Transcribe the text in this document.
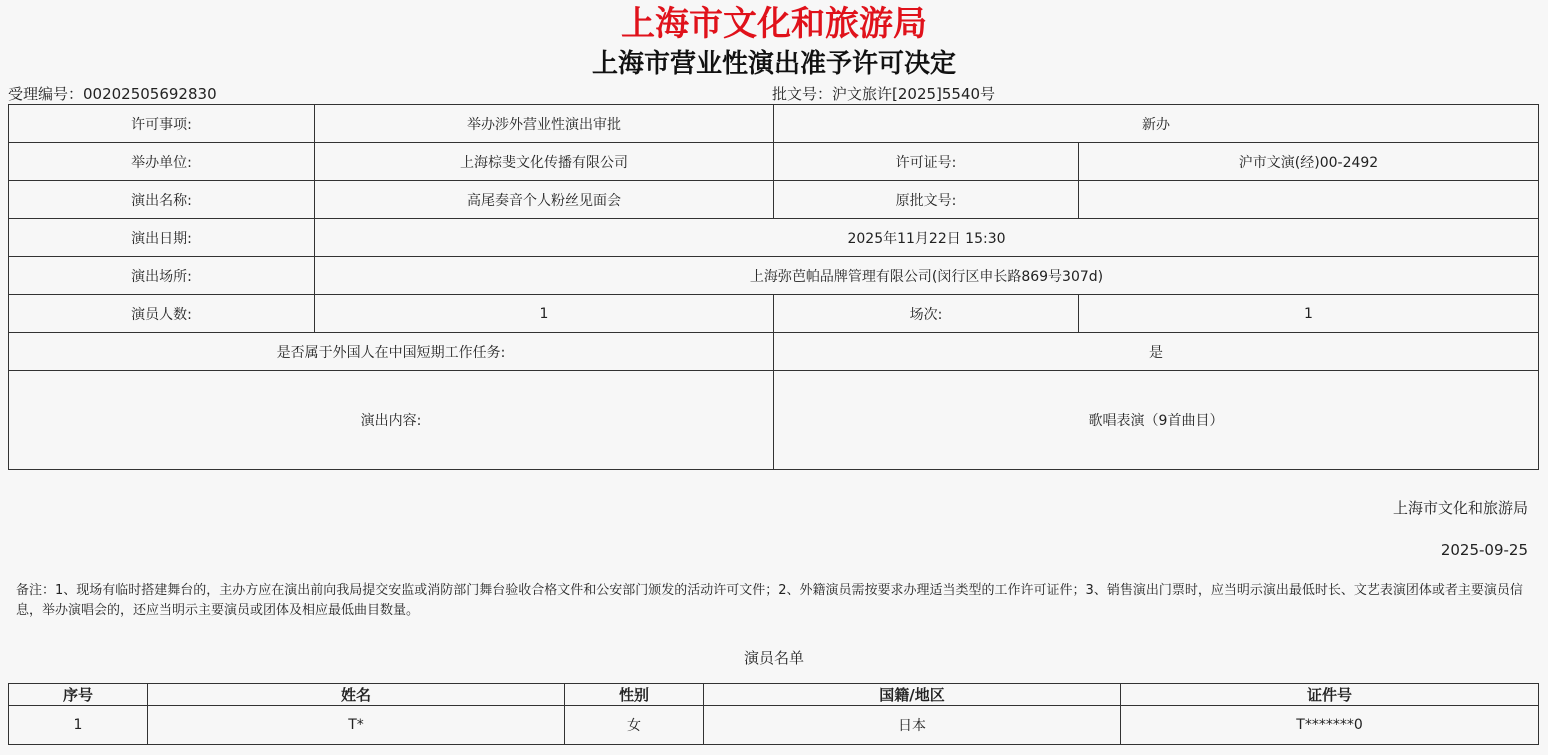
上海市文化和旅游局
上海市营业性演出准予许可决定
受理编号：00202505692830	批文号：沪文旅许[2025]5540号
许可事项:	举办涉外营业性演出审批	新办	
举办单位:	上海棕斐文化传播有限公司	许可证号:	沪市文演(经)00-2492
演出名称:	高尾奏音个人粉丝见面会	原批文号:	
演出日期:	2025年11月22日 15:30		
演出场所:	上海弥芭帕品牌管理有限公司(闵行区申长路869号307d)		
演员人数:	1	场次:	1
是否属于外国人在中国短期工作任务:		是	
演出内容:		歌唱表演（9首曲目）	
上海市文化和旅游局
2025-09-25
备注：1、现场有临时搭建舞台的，主办方应在演出前向我局提交安监或消防部门舞台验收合格文件和公安部门颁发的活动许可文件；2、外籍演员需按要求办理适当类型的工作许可证件；3、销售演出门票时，应当明示演出最低时长、文艺表演团体或者主要演员信息，举办演唱会的，还应当明示主要演员或团体及相应最低曲目数量。
演员名单
序号	姓名	性别	国籍/地区	证件号
1	T*	女	日本	T*******0
